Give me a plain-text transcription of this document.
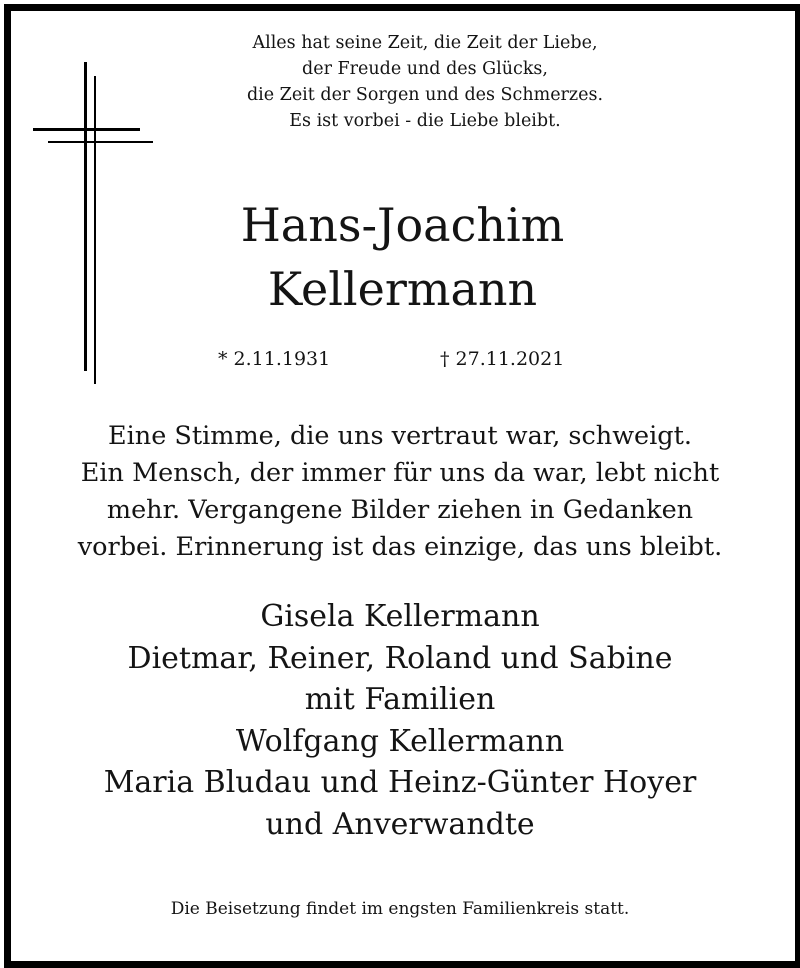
Alles hat seine Zeit, die Zeit der Liebe,
der Freude und des Glücks,
die Zeit der Sorgen und des Schmerzes.
Es ist vorbei - die Liebe bleibt.
Hans-Joachim
Kellermann
* 2.11.1931	† 27.11.2021
Eine Stimme, die uns vertraut war, schweigt.
Ein Mensch, der immer für uns da war, lebt nicht
mehr. Vergangene Bilder ziehen in Gedanken
vorbei. Erinnerung ist das einzige, das uns bleibt.
Gisela Kellermann
Dietmar, Reiner, Roland und Sabine
mit Familien
Wolfgang Kellermann
Maria Bludau und Heinz-Günter Hoyer
und Anverwandte
Die Beisetzung findet im engsten Familienkreis statt.
